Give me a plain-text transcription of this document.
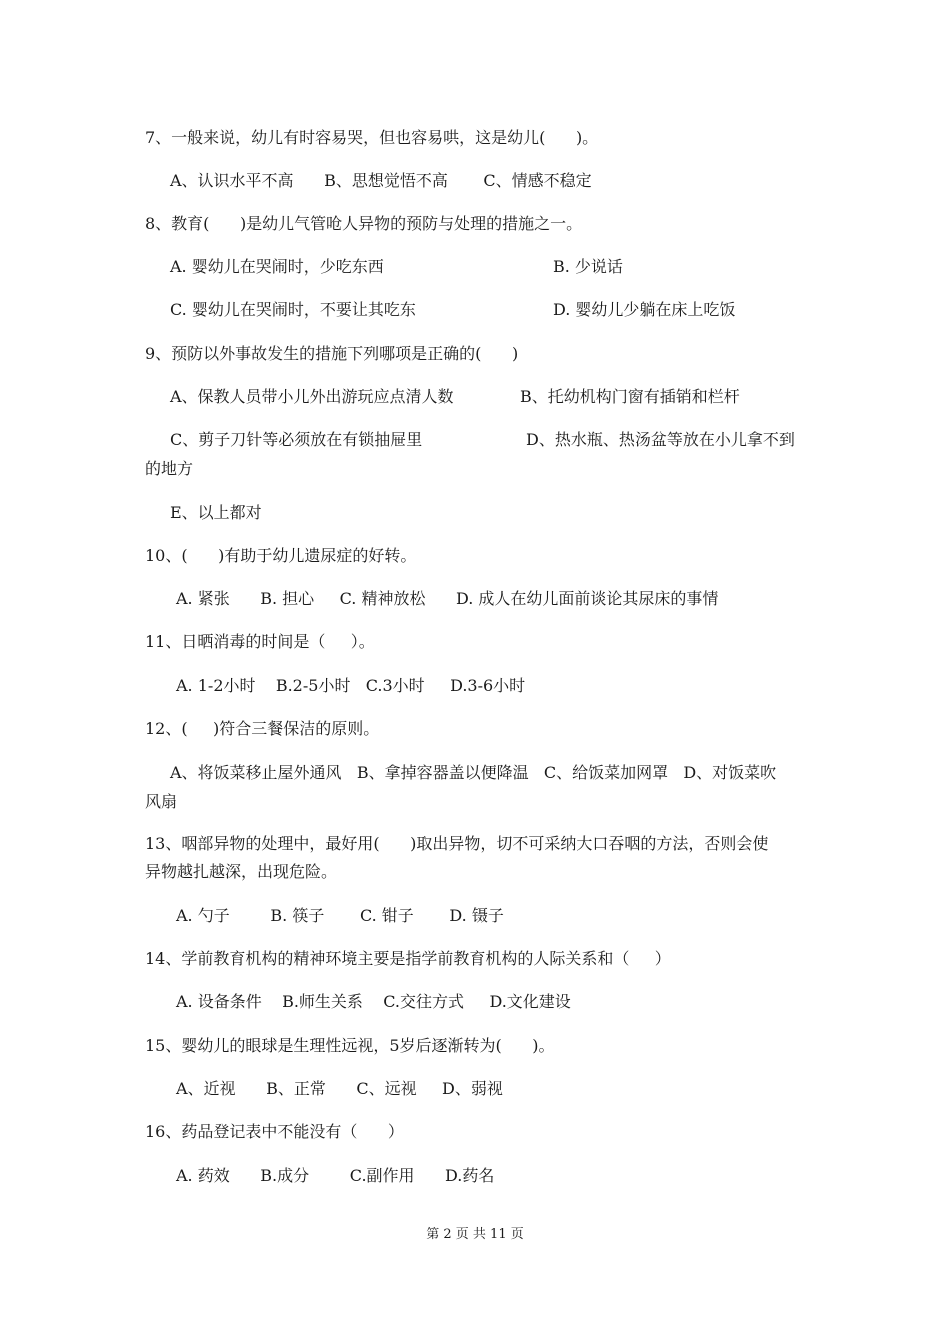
7、一般来说，幼儿有时容易哭，但也容易哄，这是幼儿(      )。
A、认识水平不高      B、思想觉悟不高       C、情感不稳定
8、教育(      )是幼儿气管呛人异物的预防与处理的措施之一。
A. 婴幼儿在哭闹时，少吃东西	B. 少说话
C. 婴幼儿在哭闹时，不要让其吃东	D. 婴幼儿少躺在床上吃饭
9、预防以外事故发生的措施下列哪项是正确的(      )
A、保教人员带小儿外出游玩应点清人数	B、托幼机构门窗有插销和栏杆
C、剪子刀针等必须放在有锁抽屉里	D、热水瓶、热汤盆等放在小儿拿不到
的地方
E、以上都对
10、(      )有助于幼儿遗尿症的好转。
A. 紧张      B. 担心     C. 精神放松      D. 成人在幼儿面前谈论其尿床的事情
11、日晒消毒的时间是（     ）。
A. 1-2小时    B.2-5小时   C.3小时     D.3-6小时
12、(     )符合三餐保洁的原则。
A、将饭菜移止屋外通风   B、拿掉容器盖以便降温   C、给饭菜加网罩   D、对饭菜吹
风扇
13、咽部异物的处理中，最好用(      )取出异物，切不可采纳大口吞咽的方法，否则会使
异物越扎越深，出现危险。
A. 勺子        B. 筷子       C. 钳子       D. 镊子
14、学前教育机构的精神环境主要是指学前教育机构的人际关系和（     ）
A. 设备条件    B.师生关系    C.交往方式     D.文化建设
15、婴幼儿的眼球是生理性远视，5岁后逐渐转为(      )。
A、近视      B、正常      C、远视     D、弱视
16、药品登记表中不能没有（      ）
A. 药效      B.成分        C.副作用      D.药名
第 2 页 共 11 页
